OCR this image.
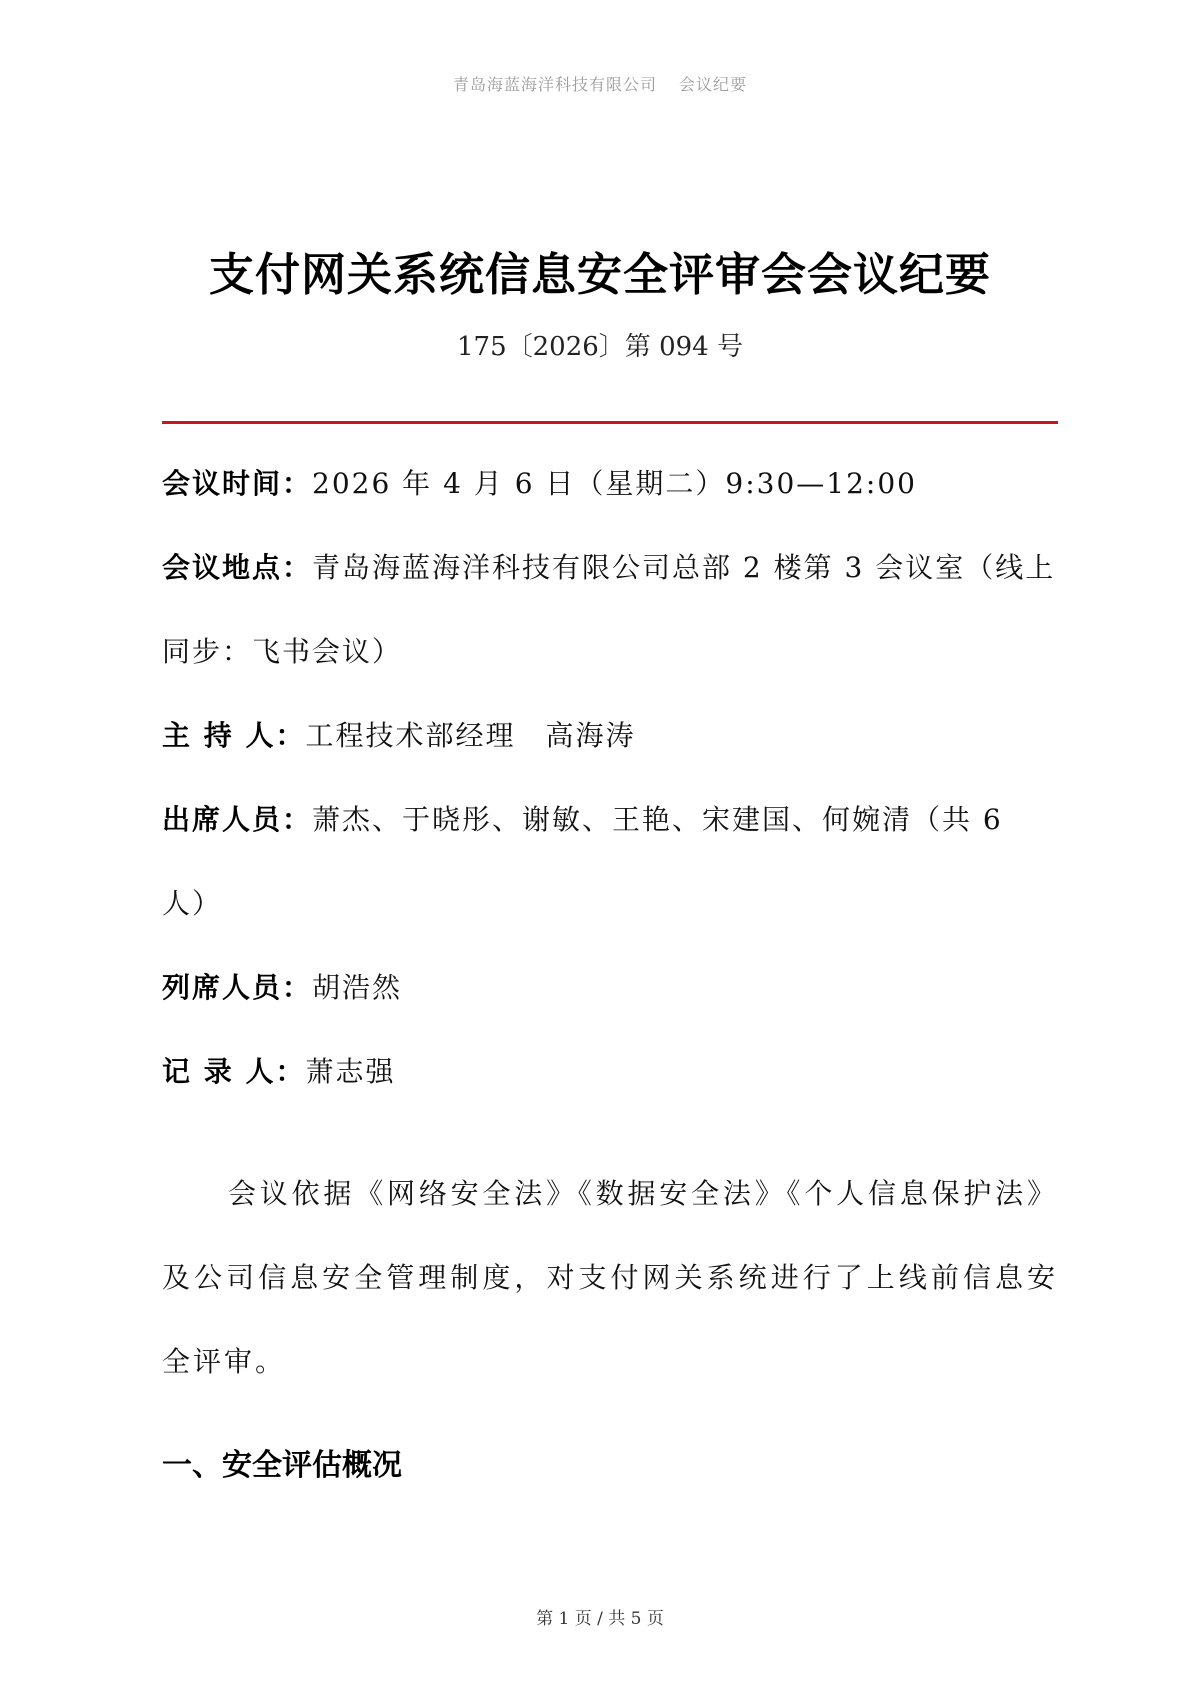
青岛海蓝海洋科技有限公司 会议纪要
支付网关系统信息安全评审会会议纪要
175〔2026〕第 094 号

会议时间：2026 年 4 月 6 日（星期二）9:30—12:00

会议地点：青岛海蓝海洋科技有限公司总部 2 楼第 3 会议室（线上同步：飞书会议）

主 持 人：工程技术部经理　高海涛

出席人员：萧杰、于晓彤、谢敏、王艳、宋建国、何婉清（共 6 人）

列席人员：胡浩然

记 录 人：萧志强

会议依据《网络安全法》《数据安全法》《个人信息保护法》及公司信息安全管理制度，对支付网关系统进行了上线前信息安全评审。

一、安全评估概况
第 1 页 / 共 5 页
